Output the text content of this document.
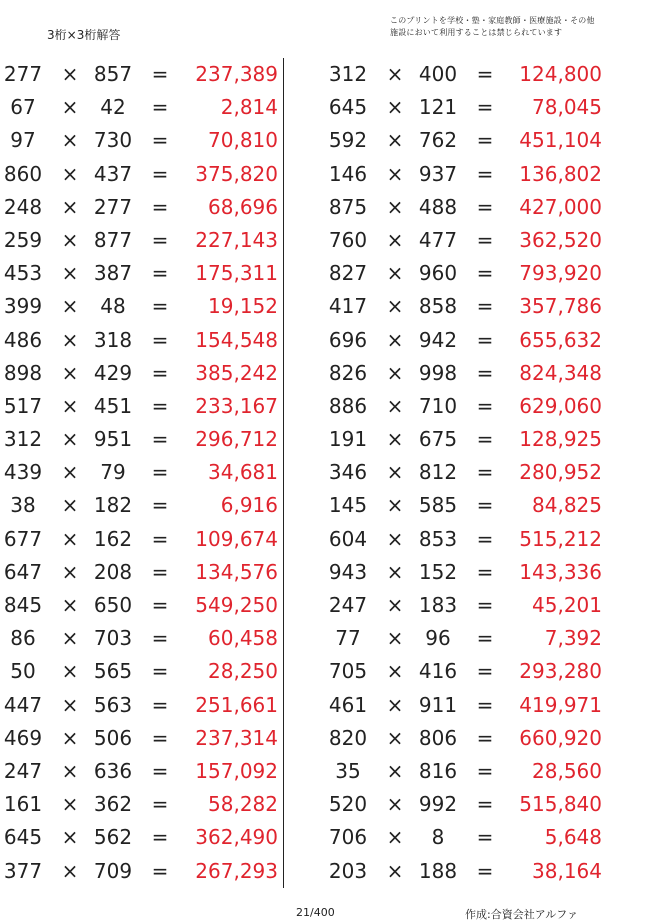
3桁×3桁解答
このプリントを学校・塾・家庭教師・医療施設・その他
施設において利用することは禁じられています
277 × 857 =	237,389
67	×	42	=	2,814
97	× 730 =	70,810
860 × 437 =	375,820
248 × 277 =	68,696
259 × 877 =	227,143
453 × 387 =	175,311
399 ×	48	=	19,152
486 × 318 =	154,548
898 × 429 =	385,242
517 × 451 =	233,167
312 × 951 =	296,712
439 ×	79	=	34,681
38	× 182 =	6,916
677 × 162 =	109,674
647 × 208 =	134,576
845 × 650 =	549,250
86	× 703 =	60,458
50	× 565 =	28,250
447 × 563 =	251,661
469 × 506 =	237,314
247 × 636 =	157,092
161 × 362 =	58,282
645 × 562 =	362,490
377 × 709 =	267,293
312 × 400 =	124,800
645 × 121 =	78,045
592 × 762 =	451,104
146 × 937 =	136,802
875 × 488 =	427,000
760 × 477 =	362,520
827 × 960 =	793,920
417 × 858 =	357,786
696 × 942 =	655,632
826 × 998 =	824,348
886 × 710 =	629,060
191 × 675 =	128,925
346 × 812 =	280,952
145 × 585 =	84,825
604 × 853 =	515,212
943 × 152 =	143,336
247 × 183 =	45,201
77	×	96	=	7,392
705 × 416 =	293,280
461 × 911 =	419,971
820 × 806 =	660,920
35	× 816 =	28,560
520 × 992 =	515,840
706 ×	8	=	5,648
203 × 188 =	38,164
21/400	作成:合資会社アルファ
